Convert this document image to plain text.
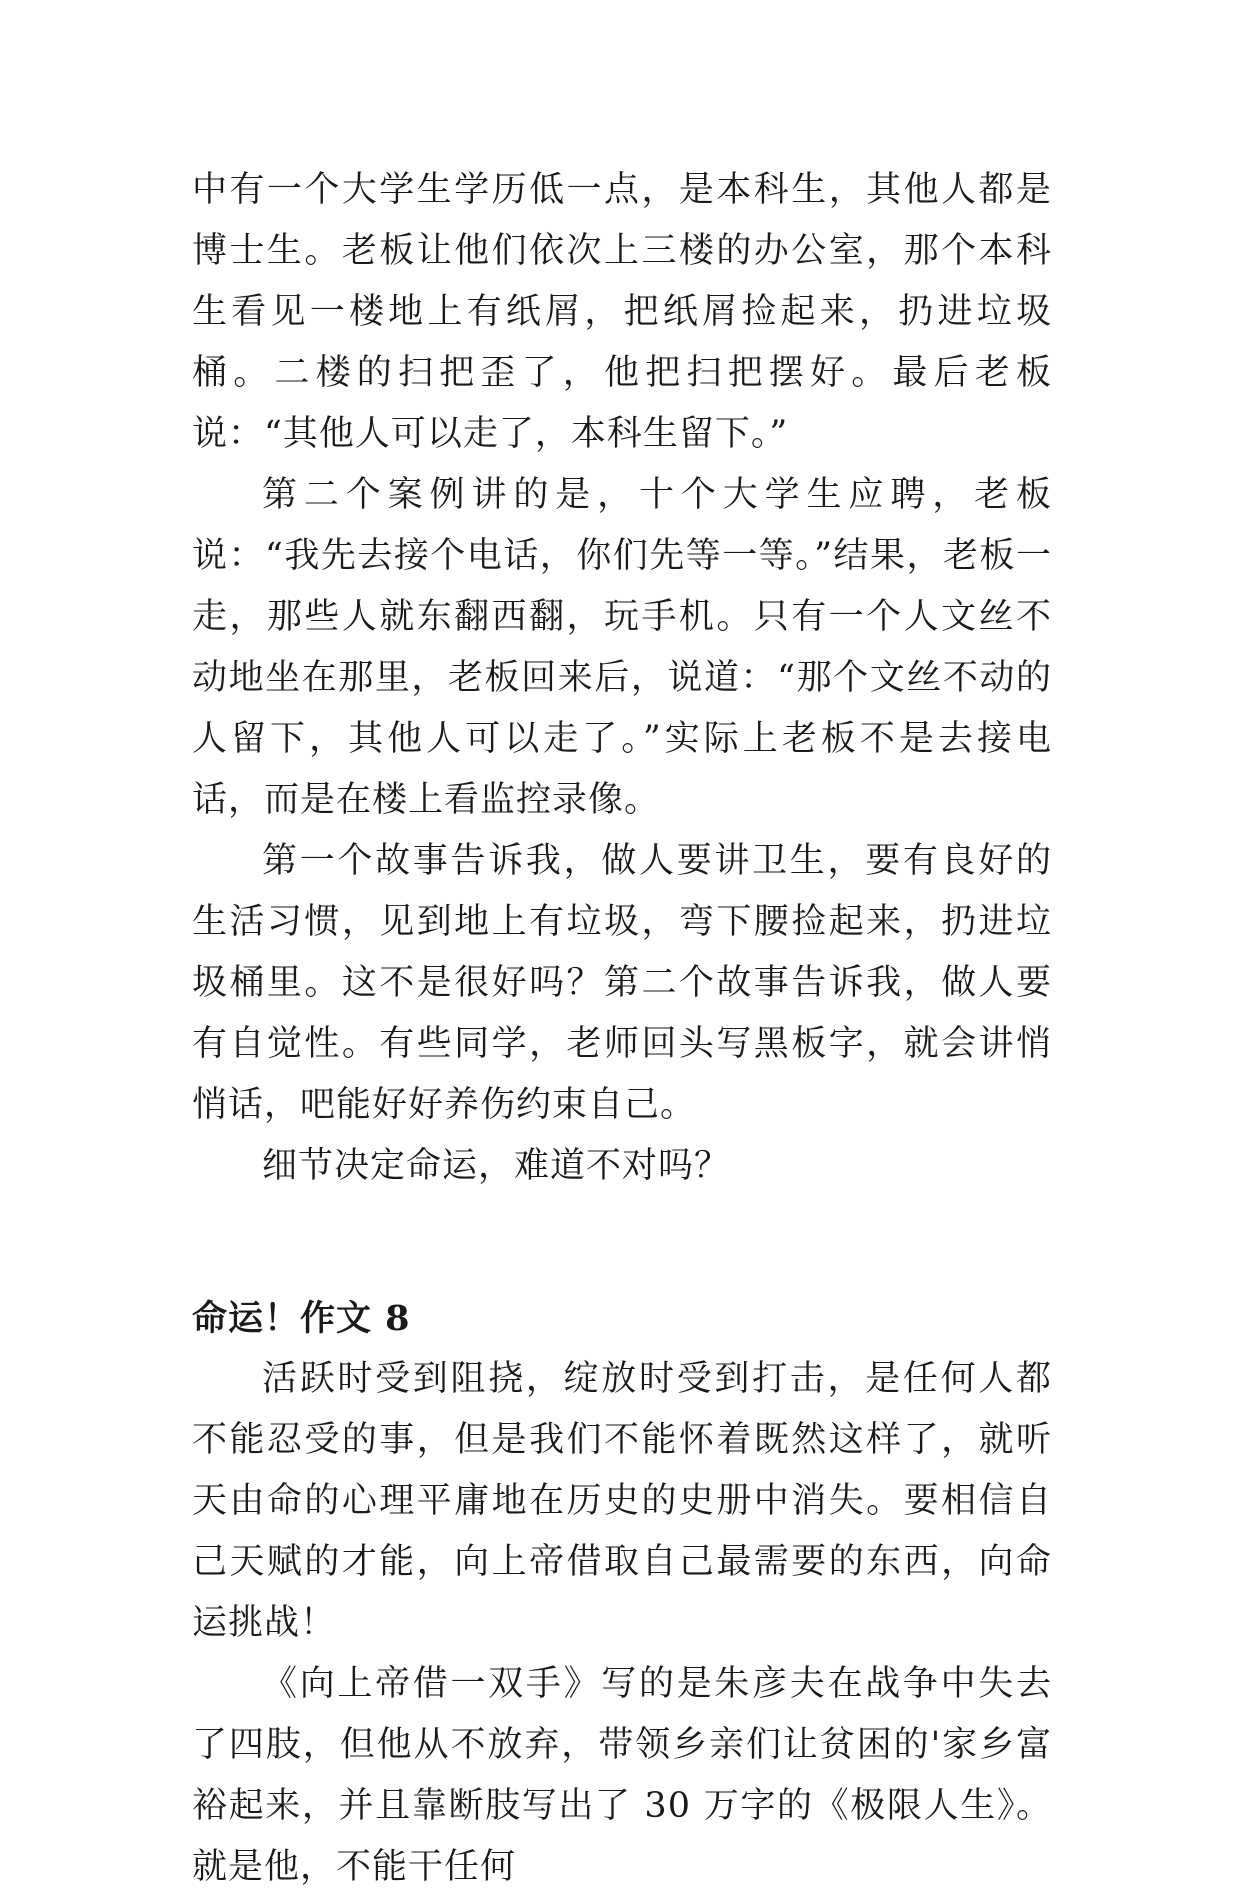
中有一个大学生学历低一点，是本科生，其他人都是博士生。老板让他们依次上三楼的办公室，那个本科生看见一楼地上有纸屑，把纸屑捡起来，扔进垃圾桶。二楼的扫把歪了，他把扫把摆好。最后老板说：“其他人可以走了，本科生留下。”

第二个案例讲的是，十个大学生应聘，老板说：“我先去接个电话，你们先等一等。”结果，老板一走，那些人就东翻西翻，玩手机。只有一个人文丝不动地坐在那里，老板回来后，说道：“那个文丝不动的人留下，其他人可以走了。”实际上老板不是去接电话，而是在楼上看监控录像。

第一个故事告诉我，做人要讲卫生，要有良好的生活习惯，见到地上有垃圾，弯下腰捡起来，扔进垃圾桶里。这不是很好吗？第二个故事告诉我，做人要有自觉性。有些同学，老师回头写黑板字，就会讲悄悄话，吧能好好养伤约束自己。

细节决定命运，难道不对吗？

命运！作文 8

活跃时受到阻挠，绽放时受到打击，是任何人都不能忍受的事，但是我们不能怀着既然这样了，就听天由命的心理平庸地在历史的史册中消失。要相信自己天赋的才能，向上帝借取自己最需要的东西，向命运挑战！

《向上帝借一双手》写的是朱彦夫在战争中失去了四肢，但他从不放弃，带领乡亲们让贫困的'家乡富裕起来，并且靠断肢写出了 30 万字的《极限人生》。就是他，不能干任何
